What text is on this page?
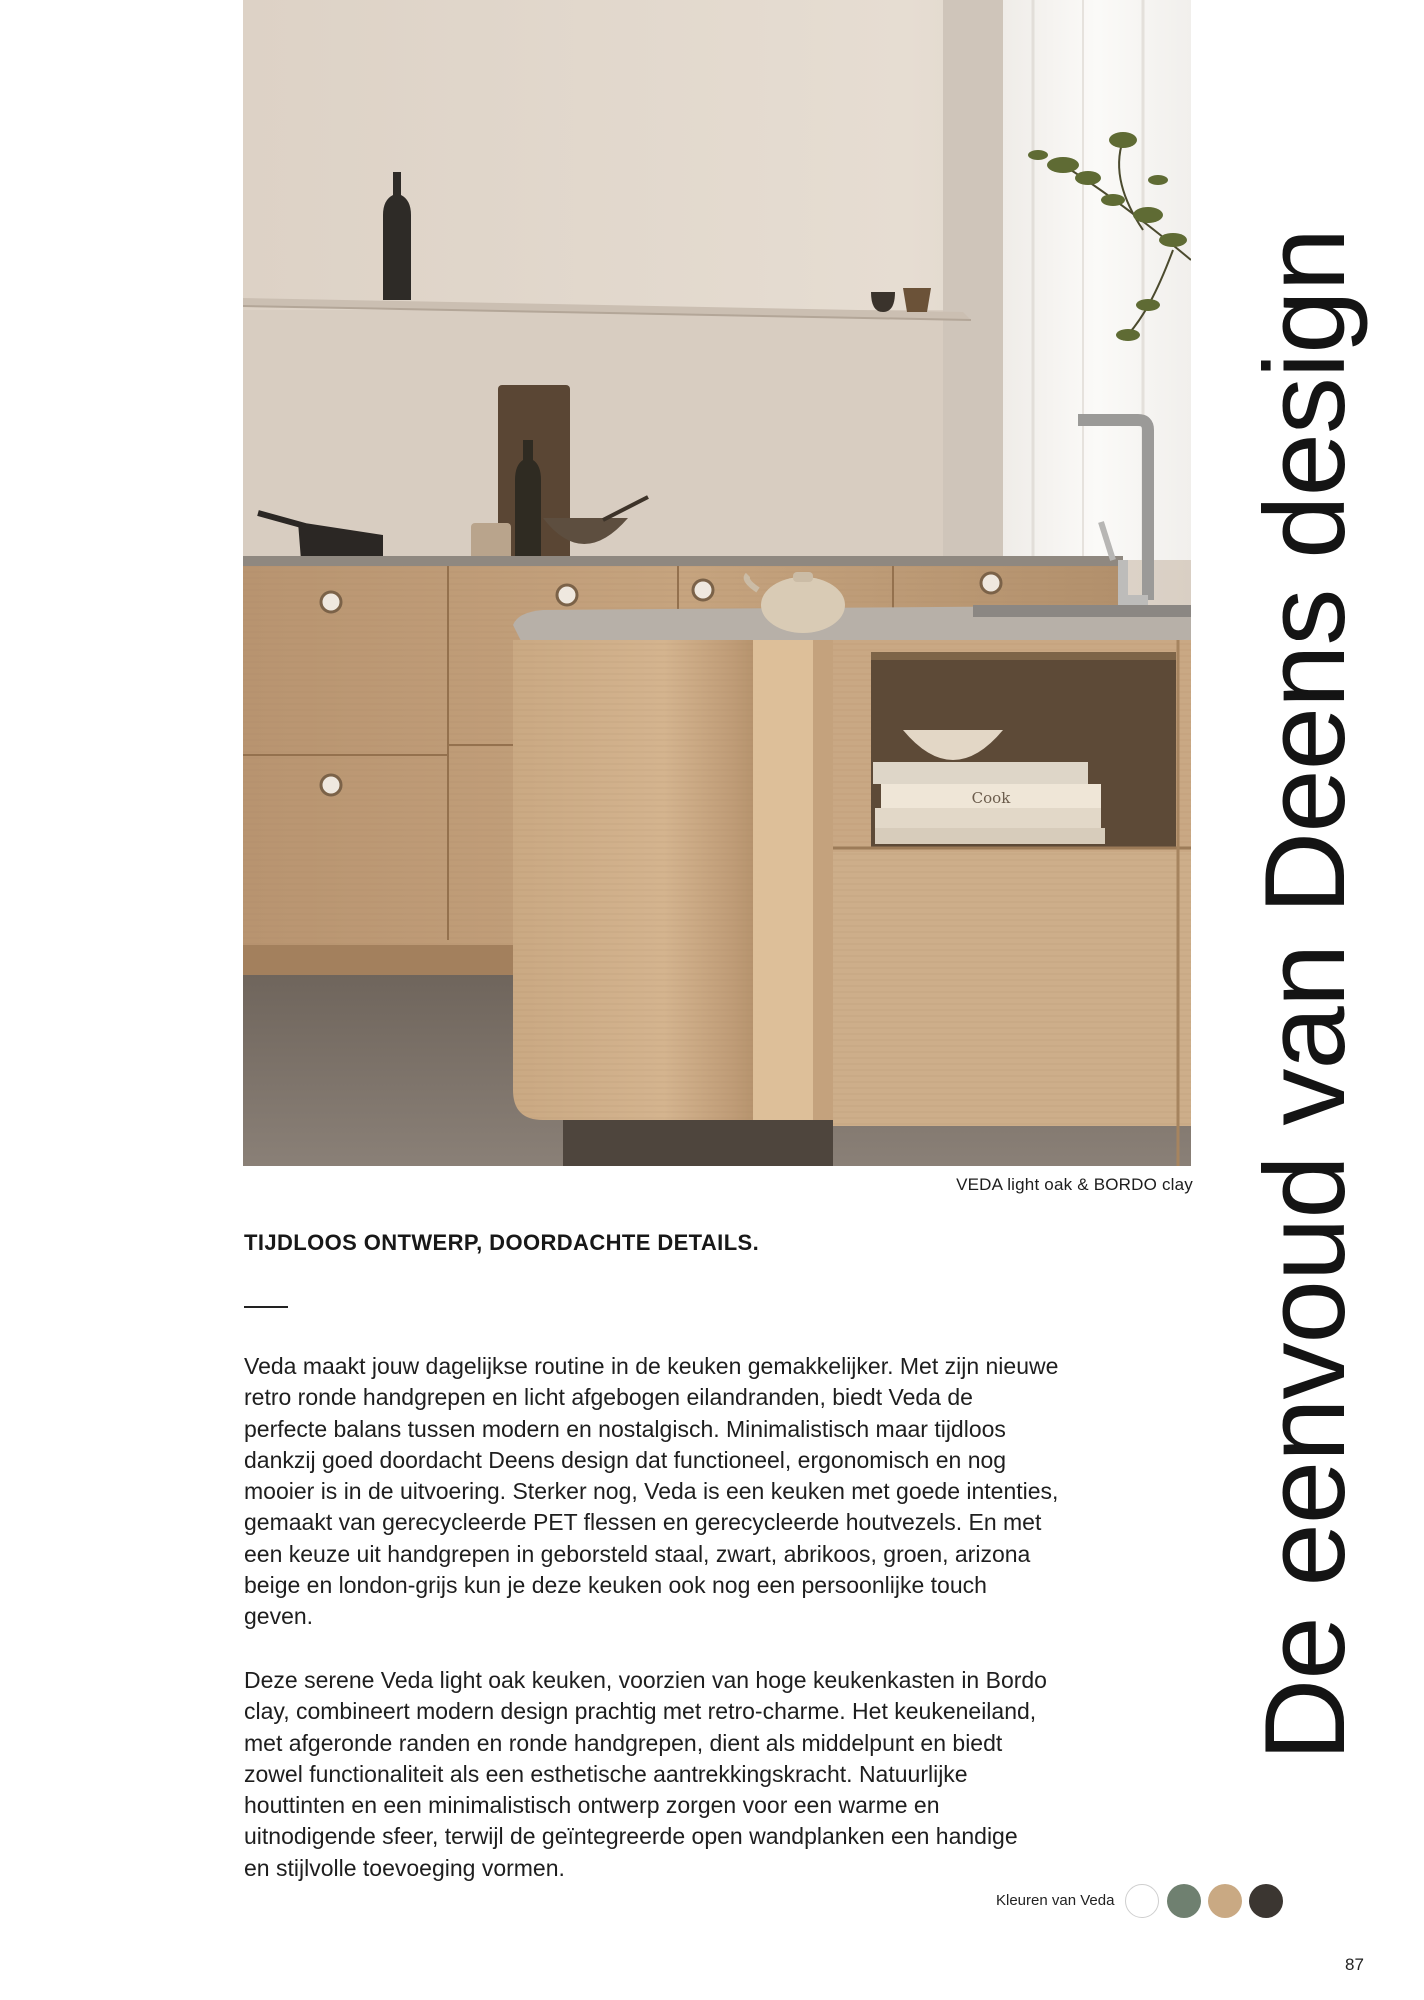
Cook
VEDA light oak & BORDO clay
TIJDLOOS ONTWERP, DOORDACHTE DETAILS.
Veda maakt jouw dagelijkse routine in de keuken gemakkelijker. Met zijn nieuwe
retro ronde handgrepen en licht afgebogen eilandranden, biedt Veda de
perfecte balans tussen modern en nostalgisch. Minimalistisch maar tijdloos
dankzij goed doordacht Deens design dat functioneel, ergonomisch en nog
mooier is in de uitvoering. Sterker nog, Veda is een keuken met goede intenties,
gemaakt van gerecycleerde PET flessen en gerecycleerde houtvezels. En met
een keuze uit handgrepen in geborsteld staal, zwart, abrikoos, groen, arizona
beige en london-grijs kun je deze keuken ook nog een persoonlijke touch
geven.
Deze serene Veda light oak keuken, voorzien van hoge keukenkasten in Bordo
clay, combineert modern design prachtig met retro-charme. Het keukeneiland,
met afgeronde randen en ronde handgrepen, dient als middelpunt en biedt
zowel functionaliteit als een esthetische aantrekkingskracht. Natuurlijke
houttinten en een minimalistisch ontwerp zorgen voor een warme en
uitnodigende sfeer, terwijl de geïntegreerde open wandplanken een handige
en stijlvolle toevoeging vormen.
De eenvoud van Deens design
Kleuren van Veda
87
